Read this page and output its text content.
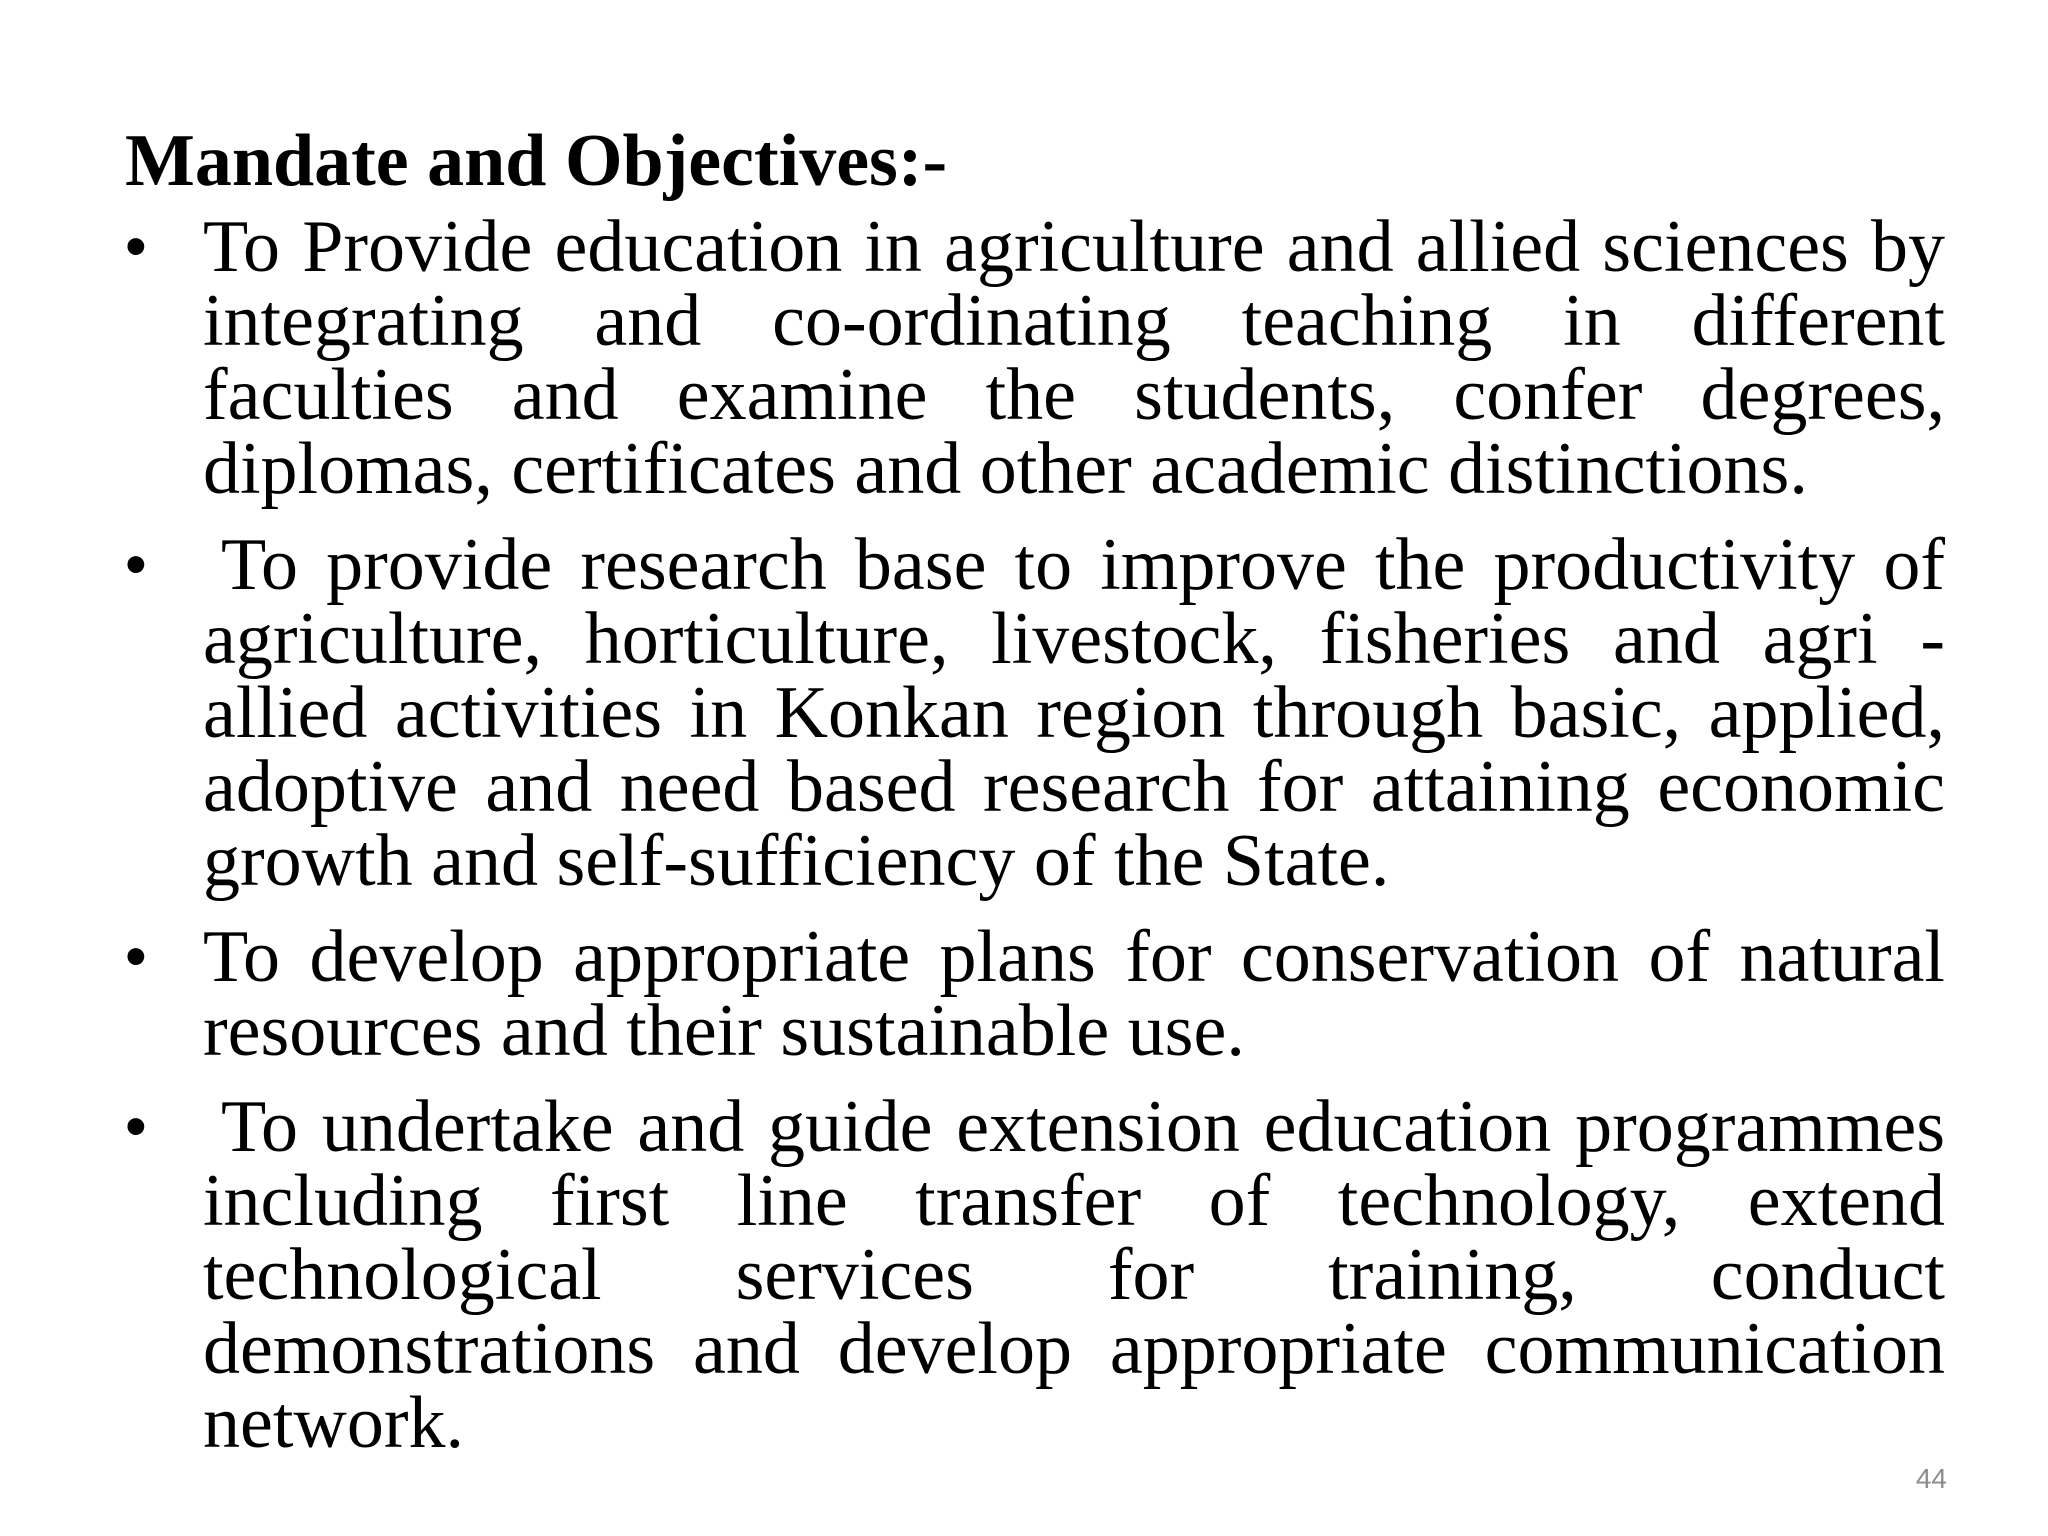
Mandate and Objectives:-
• To Provide education in agriculture and allied sciences by integrating and co-ordinating teaching in different faculties and examine the students, confer degrees, diplomas, certificates and other academic distinctions.
• To provide research base to improve the productivity of agriculture, horticulture, livestock, fisheries and agri - allied activities in Konkan region through basic, applied, adoptive and need based research for attaining economic growth and self-sufficiency of the State.
• To develop appropriate plans for conservation of natural resources and their sustainable use.
• To undertake and guide extension education programmes including first line transfer of technology, extend technological services for training, conduct demonstrations and develop appropriate communication network.
44
